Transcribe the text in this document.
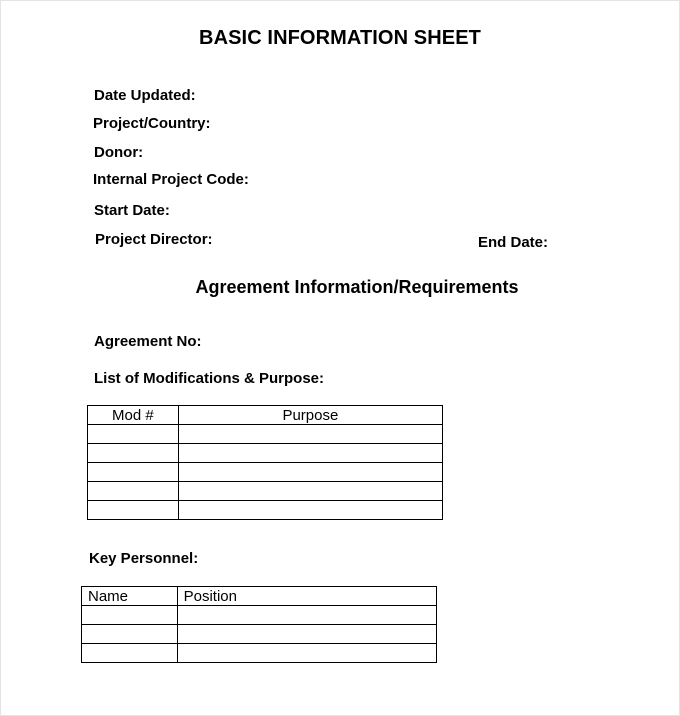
BASIC INFORMATION SHEET
Date Updated:
Project/Country:
Donor:
Internal Project Code:
Start Date:
Project Director:	End Date:
Agreement Information/Requirements
Agreement No:
List of Modifications & Purpose:
Mod #	Purpose

Key Personnel:
Name	Position
